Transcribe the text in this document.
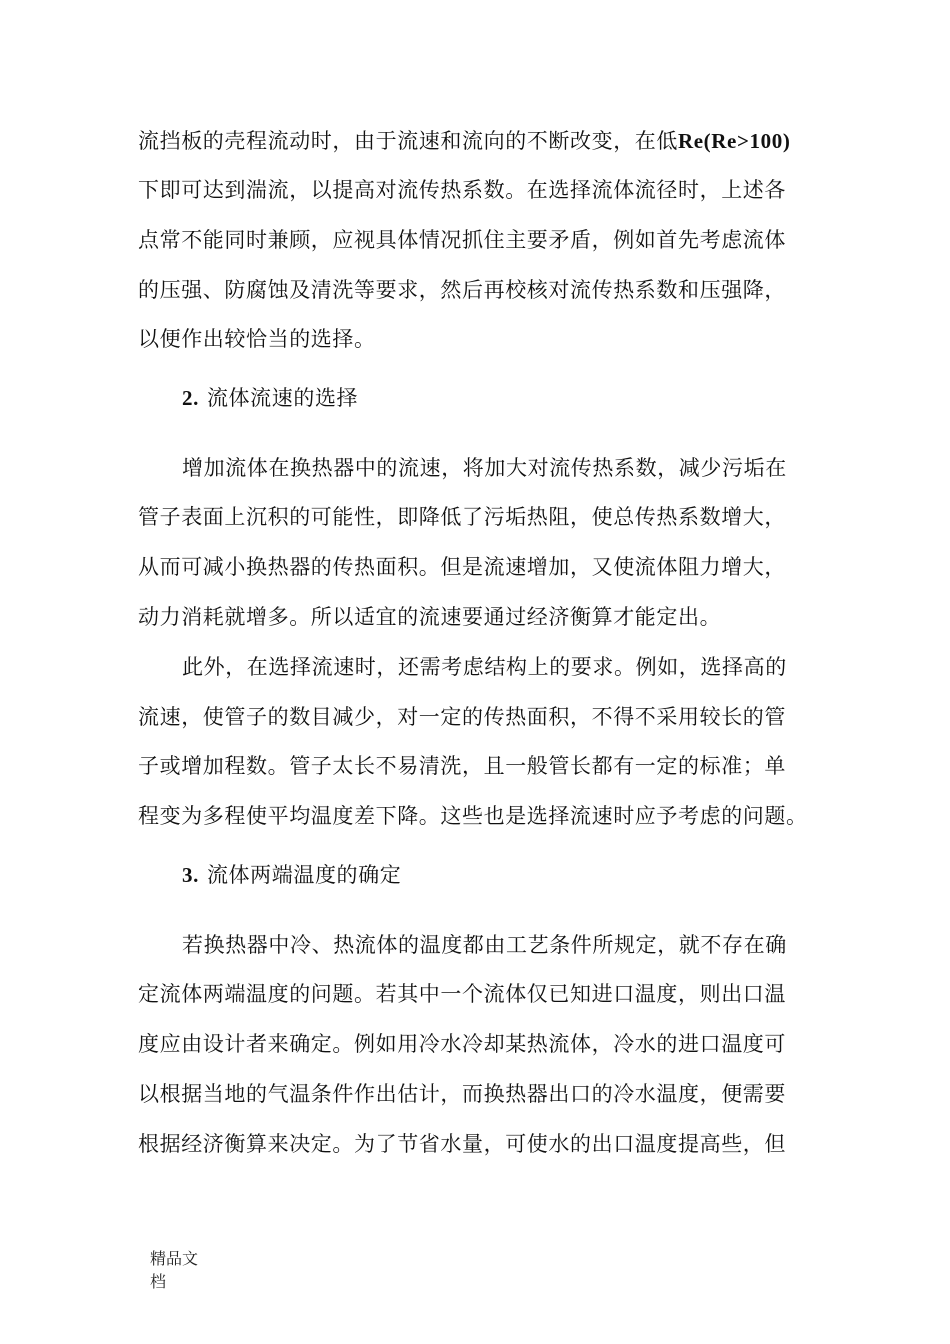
流挡板的壳程流动时，由于流速和流向的不断改变，在低Re(Re>100)
下即可达到湍流，以提高对流传热系数。在选择流体流径时，上述各
点常不能同时兼顾，应视具体情况抓住主要矛盾，例如首先考虑流体
的压强、防腐蚀及清洗等要求，然后再校核对流传热系数和压强降，
以便作出较恰当的选择。
2. 流体流速的选择
增加流体在换热器中的流速，将加大对流传热系数，减少污垢在
管子表面上沉积的可能性，即降低了污垢热阻，使总传热系数增大，
从而可减小换热器的传热面积。但是流速增加，又使流体阻力增大，
动力消耗就增多。所以适宜的流速要通过经济衡算才能定出。
此外，在选择流速时，还需考虑结构上的要求。例如，选择高的
流速，使管子的数目减少，对一定的传热面积，不得不采用较长的管
子或增加程数。管子太长不易清洗，且一般管长都有一定的标准；单
程变为多程使平均温度差下降。这些也是选择流速时应予考虑的问题。
3. 流体两端温度的确定
若换热器中冷、热流体的温度都由工艺条件所规定，就不存在确
定流体两端温度的问题。若其中一个流体仅已知进口温度，则出口温
度应由设计者来确定。例如用冷水冷却某热流体，冷水的进口温度可
以根据当地的气温条件作出估计，而换热器出口的冷水温度，便需要
根据经济衡算来决定。为了节省水量，可使水的出口温度提高些，但
精品文档
